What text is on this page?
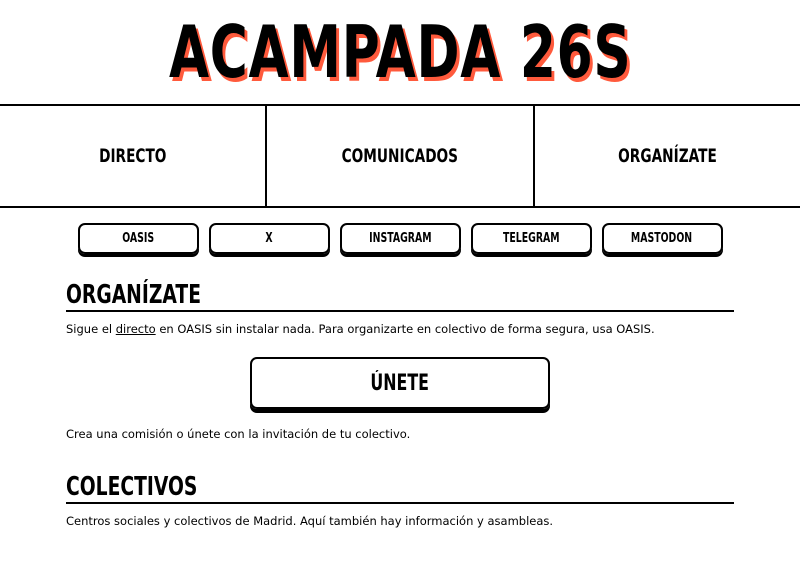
ACAMPADA 26S
DIRECTO	COMUNICADOS	ORGANÍZATE
OASIS	X	INSTAGRAM	TELEGRAM	MASTODON
ORGANÍZATE

Sigue el directo en OASIS sin instalar nada. Para organizarte en colectivo de forma segura, usa OASIS.

ÚNETE

Crea una comisión o únete con la invitación de tu colectivo.

COLECTIVOS

Centros sociales y colectivos de Madrid. Aquí también hay información y asambleas.
